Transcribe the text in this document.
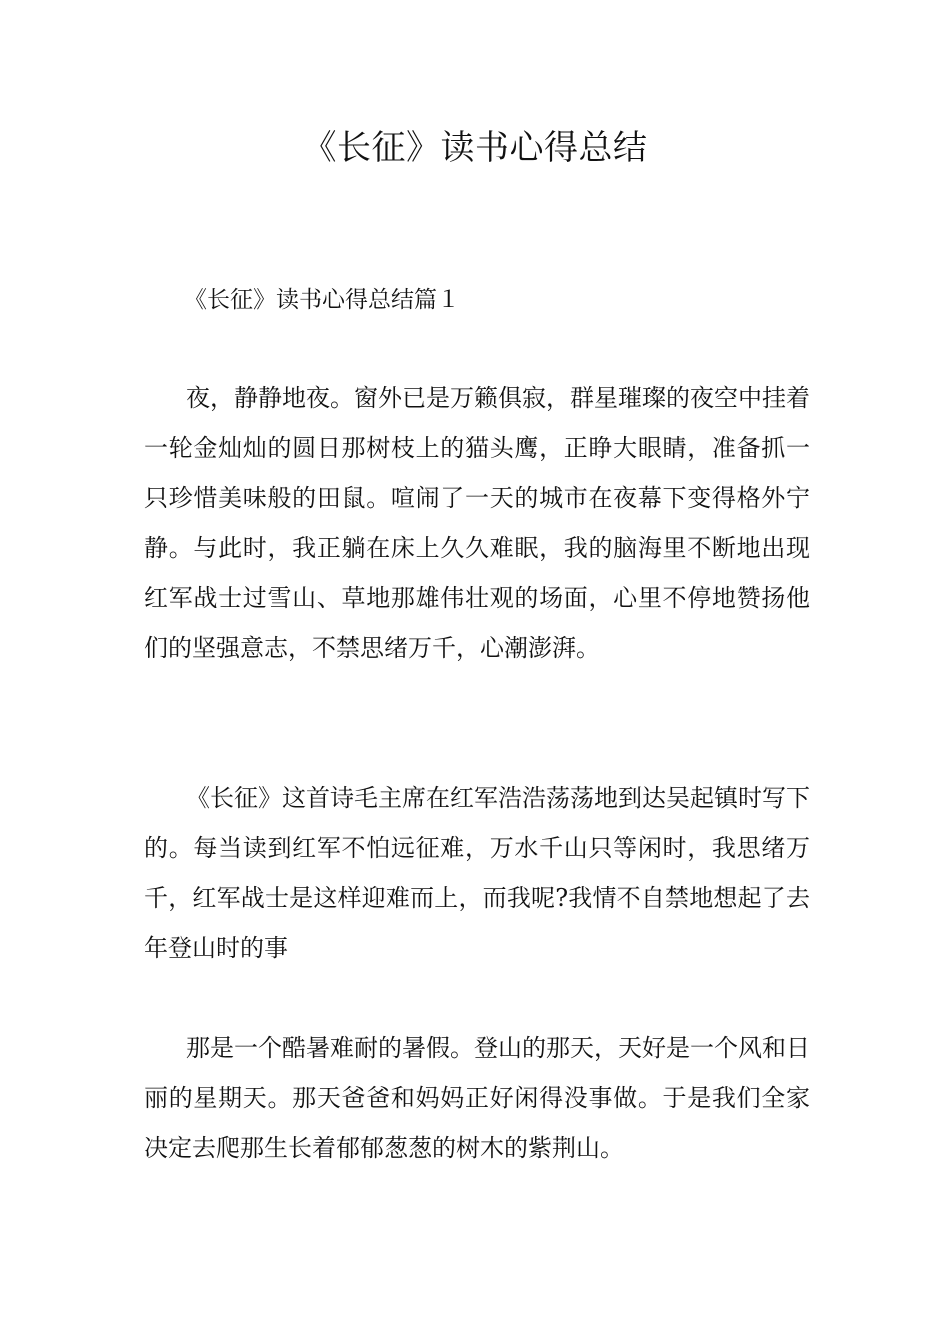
《长征》读书心得总结
《长征》读书心得总结篇１

夜，静静地夜。窗外已是万籁俱寂，群星璀璨的夜空中挂着一轮金灿灿的圆日那树枝上的猫头鹰，正睁大眼睛，准备抓一只珍惜美味般的田鼠。喧闹了一天的城市在夜幕下变得格外宁静。与此时，我正躺在床上久久难眠，我的脑海里不断地出现红军战士过雪山、草地那雄伟壮观的场面，心里不停地赞扬他们的坚强意志，不禁思绪万千，心潮澎湃。

《长征》这首诗毛主席在红军浩浩荡荡地到达吴起镇时写下的。每当读到红军不怕远征难，万水千山只等闲时，我思绪万千，红军战士是这样迎难而上，而我呢?我情不自禁地想起了去年登山时的事

那是一个酷暑难耐的暑假。登山的那天，天好是一个风和日丽的星期天。那天爸爸和妈妈正好闲得没事做。于是我们全家决定去爬那生长着郁郁葱葱的树木的紫荆山。
